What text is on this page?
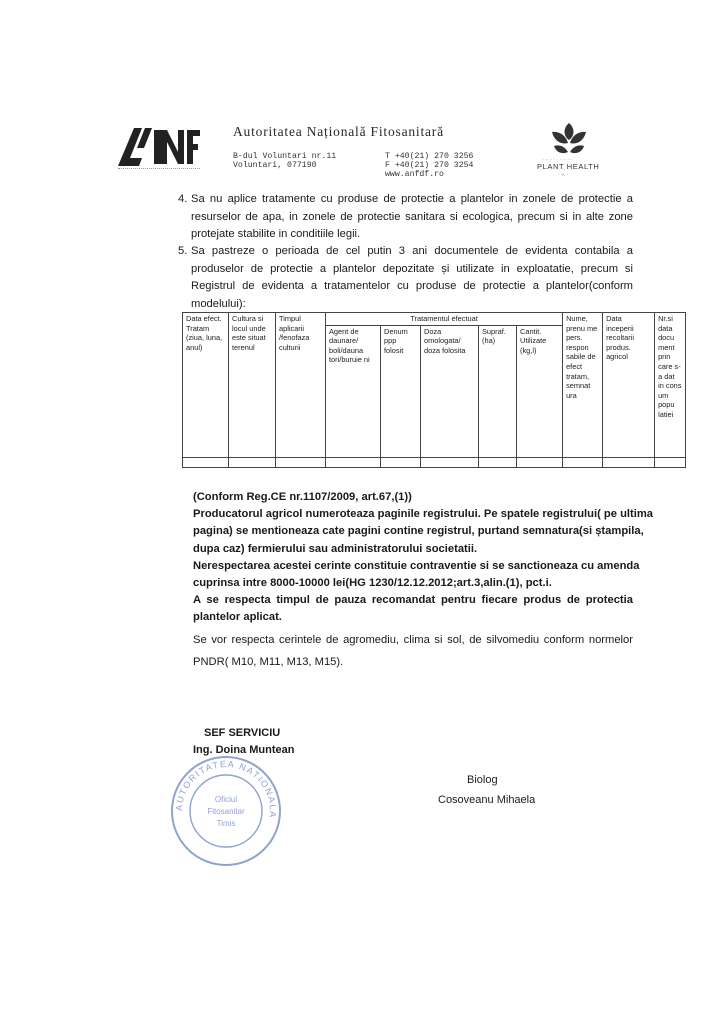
Autoritatea Națională Fitosanitară
B-dul Voluntari nr.11
Voluntari, 077190
T +40(21) 270 3256
F +40(21) 270 3254
www.anfdf.ro
······ ·····
PLANT HEALTH
· ○. ·
4. Sa nu aplice tratamente cu produse de protectie a plantelor in zonele de protectie a
resurselor de apa, in zonele de protectie sanitara si ecologica, precum si in alte zone
protejate stabilite in conditiile legii.
5. Sa pastreze o perioada de cel putin 3 ani documentele de evidenta contabila a
produselor de protectie a plantelor depozitate și utilizate in exploatatie, precum si
Registrul de evidenta a tratamentelor cu produse de protectie a plantelor(conform
modelului):
Data efect. Tratam (ziua, luna, anul)	Cultura si locul unde este situat terenul	Timpul aplicarii /fenofaza culturii	Tratamentul efectuat					Nume, prenu me pers. respon sabile de efect tratam, semnat ura	Data inceperii recoltarii produs. agricol	Nr.si data docu ment prin care s-a dat in cons um popu latiei
			Agent de daunare/ boli/dauna tori/buruie ni	Denum ppp folosit	Doza omologata/ doza folosita	Supraf. (ha)	Cantit. Utilizate (kg,l)			

(Conform Reg.CE nr.1107/2009, art.67,(1))
Producatorul agricol numeroteaza paginile registrului. Pe spatele registrului( pe ultima
pagina) se mentioneaza cate pagini contine registrul, purtand semnatura(si ștampila,
dupa caz) fermierului sau administratorului societatii.
Nerespectarea acestei cerinte constituie contraventie si se sanctioneaza cu amenda
cuprinsa intre 8000-10000 lei(HG 1230/12.12.2012;art.3,alin.(1), pct.i.
A se respecta timpul de pauza recomandat pentru fiecare produs de protectia
plantelor aplicat.
Se vor respecta cerintele de agromediu, clima si sol, de silvomediu conform normelor
PNDR( M10, M11, M13, M15).
AUTORITATEA NATIONALA
Oficiul
Fitosanitar
Timis
SEF SERVICIU
Ing. Doina Muntean
Biolog
Cosoveanu Mihaela
